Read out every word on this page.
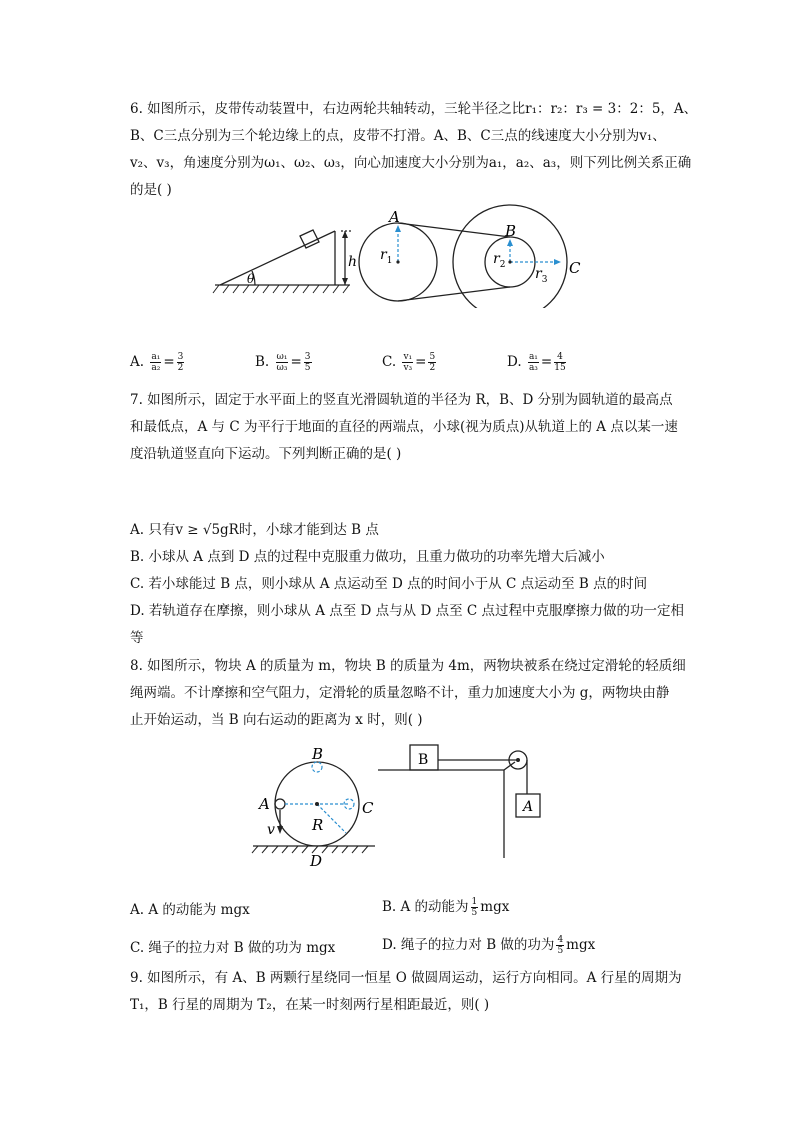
6. 如图所示，皮带传动装置中，右边两轮共轴转动，三轮半径之比r₁：r₂：r₃ = 3：2：5，A、
B、C三点分别为三个轮边缘上的点，皮带不打滑。A、B、C三点的线速度大小分别为v₁、
v₂、v₃，角速度分别为ω₁、ω₂、ω₃，向心加速度大小分别为a₁，a₂、a₃，则下列比例关系正确
的是( )
θ
h
A
B
C
$r_1$	$r_2$
$r_3$
A. $\frac{\text{a₁}}{\text{a₂}} = \frac{3}{2}$	B. $\frac{\text{ω₁}}{\text{ω₃}} = \frac{3}{5}$	C. $\frac{\text{v₁}}{\text{v₃}} = \frac{5}{2}$	D. $\frac{\text{a₁}}{\text{a₃}} = \frac{4}{15}$
7. 如图所示，固定于水平面上的竖直光滑圆轨道的半径为 R，B、D 分别为圆轨道的最高点
和最低点，A 与 C 为平行于地面的直径的两端点，小球(视为质点)从轨道上的 A 点以某一速
度沿轨道竖直向下运动。下列判断正确的是( )
A. 只有v ≥ √5gR时，小球才能到达 B 点
B. 小球从 A 点到 D 点的过程中克服重力做功，且重力做功的功率先增大后减小
C. 若小球能过 B 点，则小球从 A 点运动至 D 点的时间小于从 C 点运动至 B 点的时间
D. 若轨道存在摩擦，则小球从 A 点至 D 点与从 D 点至 C 点过程中克服摩擦力做的功一定相
等
8. 如图所示，物块 A 的质量为 m，物块 B 的质量为 4m，两物块被系在绕过定滑轮的轻质细
绳两端。不计摩擦和空气阻力，定滑轮的质量忽略不计，重力加速度大小为 g，两物块由静
止开始运动，当 B 向右运动的距离为 x 时，则( )
B
A	C
R
v
D
B
A
A. A 的动能为 mgx	B. A 的动能为 $\frac{1}{5}$ mgx
C. 绳子的拉力对 B 做的功为 mgx	D. 绳子的拉力对 B 做的功为 $\frac{4}{5}$ mgx
9. 如图所示，有 A、B 两颗行星绕同一恒星 O 做圆周运动，运行方向相同。A 行星的周期为
T₁，B 行星的周期为 T₂，在某一时刻两行星相距最近，则( )
